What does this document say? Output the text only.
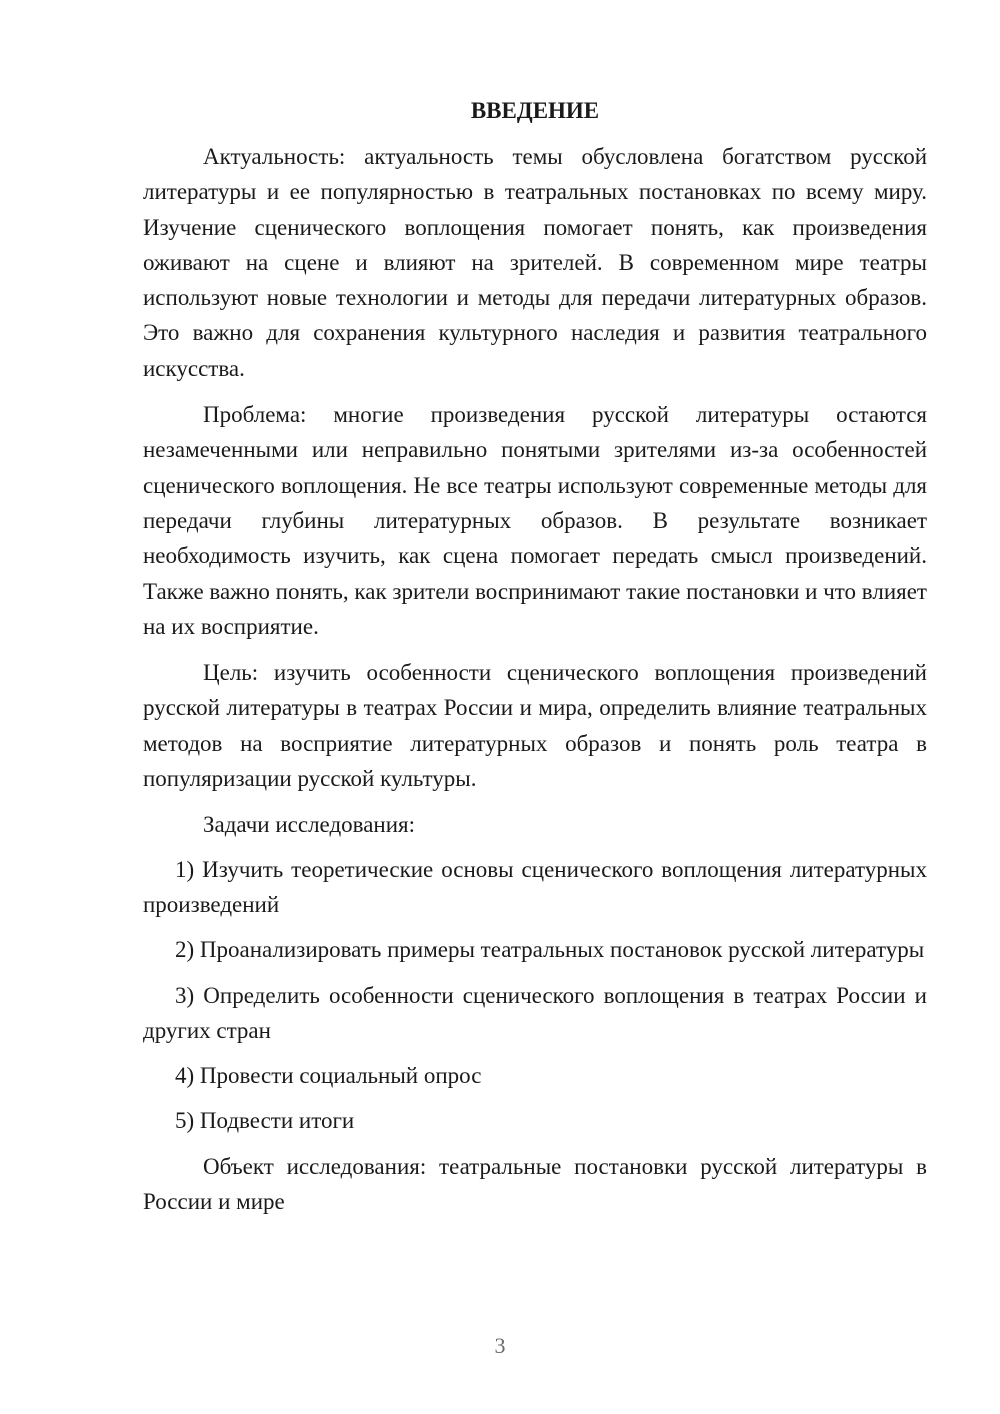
ВВЕДЕНИЕ

Актуальность: актуальность темы обусловлена богатством русской литературы и ее популярностью в театральных постановках по всему миру. Изучение сценического воплощения помогает понять, как произведения оживают на сцене и влияют на зрителей. В современном мире театры используют новые технологии и методы для передачи литературных образов. Это важно для сохранения культурного наследия и развития театрального искусства.

Проблема: многие произведения русской литературы остаются незамеченными или неправильно понятыми зрителями из-за особенностей сценического воплощения. Не все театры используют современные методы для передачи глубины литературных образов. В результате возникает необходимость изучить, как сцена помогает передать смысл произведений. Также важно понять, как зрители воспринимают такие постановки и что влияет на их восприятие.

Цель: изучить особенности сценического воплощения произведений русской литературы в театрах России и мира, определить влияние театральных методов на восприятие литературных образов и понять роль театра в популяризации русской культуры.

Задачи исследования:

1) Изучить теоретические основы сценического воплощения литературных произведений

2) Проанализировать примеры театральных постановок русской литературы

3) Определить особенности сценического воплощения в театрах России и других стран

4) Провести социальный опрос

5) Подвести итоги

Объект исследования: театральные постановки русской литературы в России и мире

3
